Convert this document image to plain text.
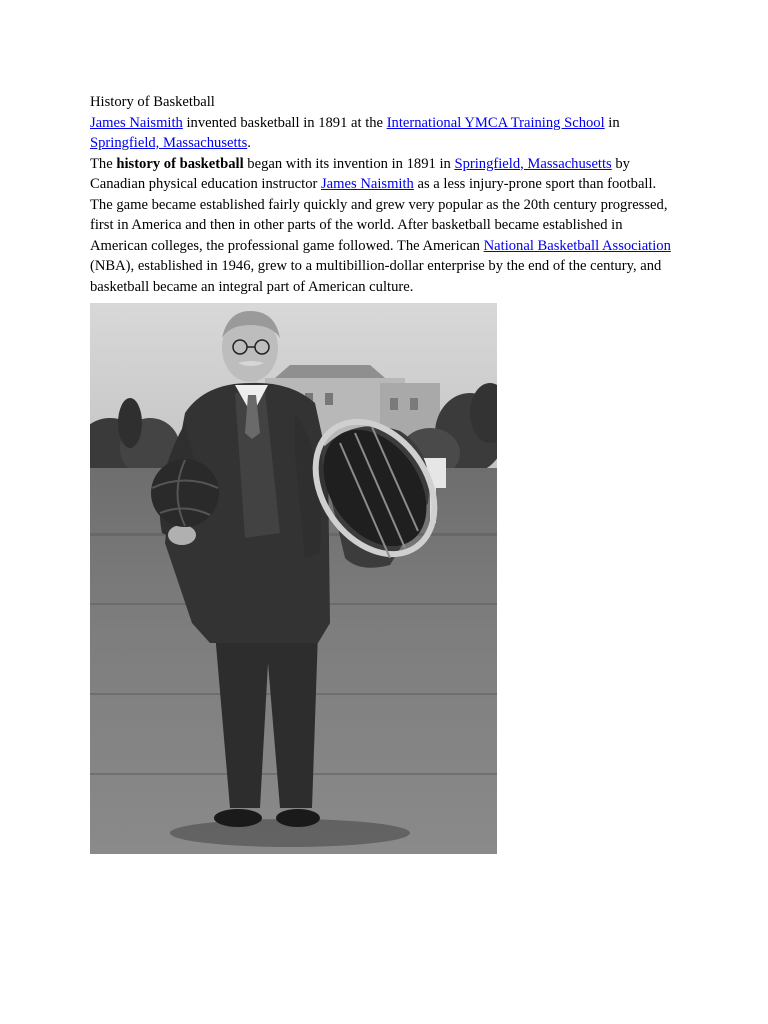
History of Basketball

James Naismith invented basketball in 1891 at the International YMCA Training School in Springfield, Massachusetts.

The history of basketball began with its invention in 1891 in Springfield, Massachusetts by Canadian physical education instructor James Naismith as a less injury-prone sport than football. The game became established fairly quickly and grew very popular as the 20th century progressed, first in America and then in other parts of the world. After basketball became established in American colleges, the professional game followed. The American National Basketball Association (NBA), established in 1946, grew to a multibillion-dollar enterprise by the end of the century, and basketball became an integral part of American culture.
